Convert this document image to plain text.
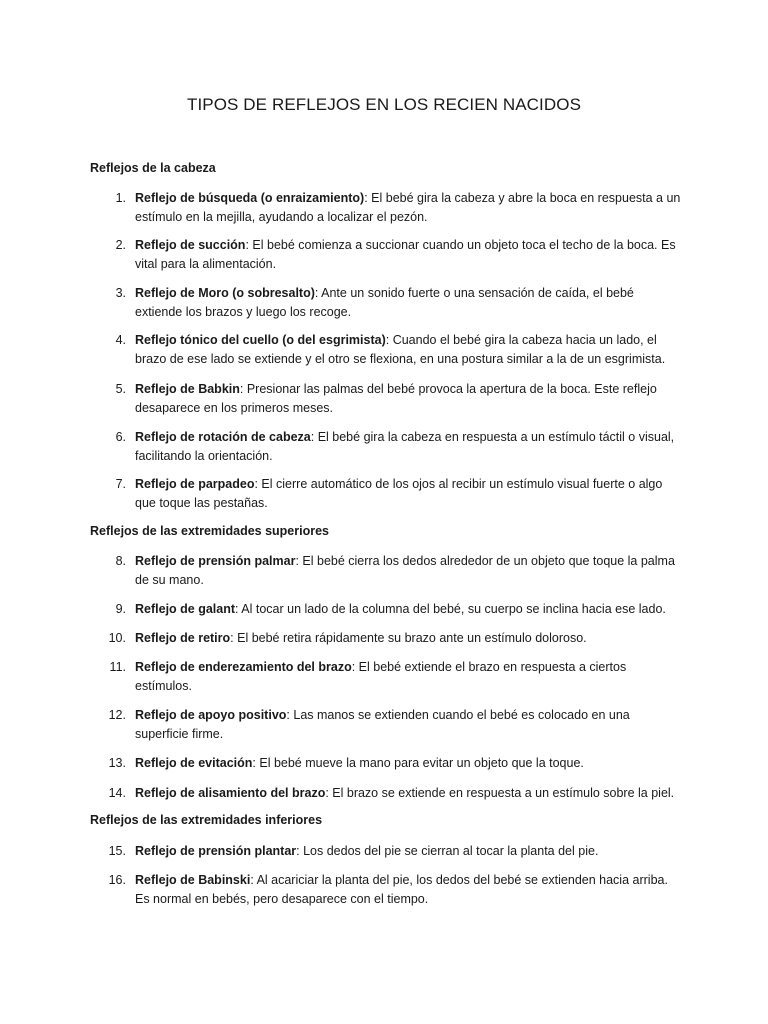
TIPOS DE REFLEJOS EN LOS RECIEN NACIDOS
Reflejos de la cabeza
1. Reflejo de búsqueda (o enraizamiento): El bebé gira la cabeza y abre la boca en respuesta a un estímulo en la mejilla, ayudando a localizar el pezón.
2. Reflejo de succión: El bebé comienza a succionar cuando un objeto toca el techo de la boca. Es vital para la alimentación.
3. Reflejo de Moro (o sobresalto): Ante un sonido fuerte o una sensación de caída, el bebé extiende los brazos y luego los recoge.
4. Reflejo tónico del cuello (o del esgrimista): Cuando el bebé gira la cabeza hacia un lado, el brazo de ese lado se extiende y el otro se flexiona, en una postura similar a la de un esgrimista.
5. Reflejo de Babkin: Presionar las palmas del bebé provoca la apertura de la boca. Este reflejo desaparece en los primeros meses.
6. Reflejo de rotación de cabeza: El bebé gira la cabeza en respuesta a un estímulo táctil o visual, facilitando la orientación.
7. Reflejo de parpadeo: El cierre automático de los ojos al recibir un estímulo visual fuerte o algo que toque las pestañas.
Reflejos de las extremidades superiores
8. Reflejo de prensión palmar: El bebé cierra los dedos alrededor de un objeto que toque la palma de su mano.
9. Reflejo de galant: Al tocar un lado de la columna del bebé, su cuerpo se inclina hacia ese lado.
10. Reflejo de retiro: El bebé retira rápidamente su brazo ante un estímulo doloroso.
11. Reflejo de enderezamiento del brazo: El bebé extiende el brazo en respuesta a ciertos estímulos.
12. Reflejo de apoyo positivo: Las manos se extienden cuando el bebé es colocado en una superficie firme.
13. Reflejo de evitación: El bebé mueve la mano para evitar un objeto que la toque.
14. Reflejo de alisamiento del brazo: El brazo se extiende en respuesta a un estímulo sobre la piel.
Reflejos de las extremidades inferiores
15. Reflejo de prensión plantar: Los dedos del pie se cierran al tocar la planta del pie.
16. Reflejo de Babinski: Al acariciar la planta del pie, los dedos del bebé se extienden hacia arriba. Es normal en bebés, pero desaparece con el tiempo.
